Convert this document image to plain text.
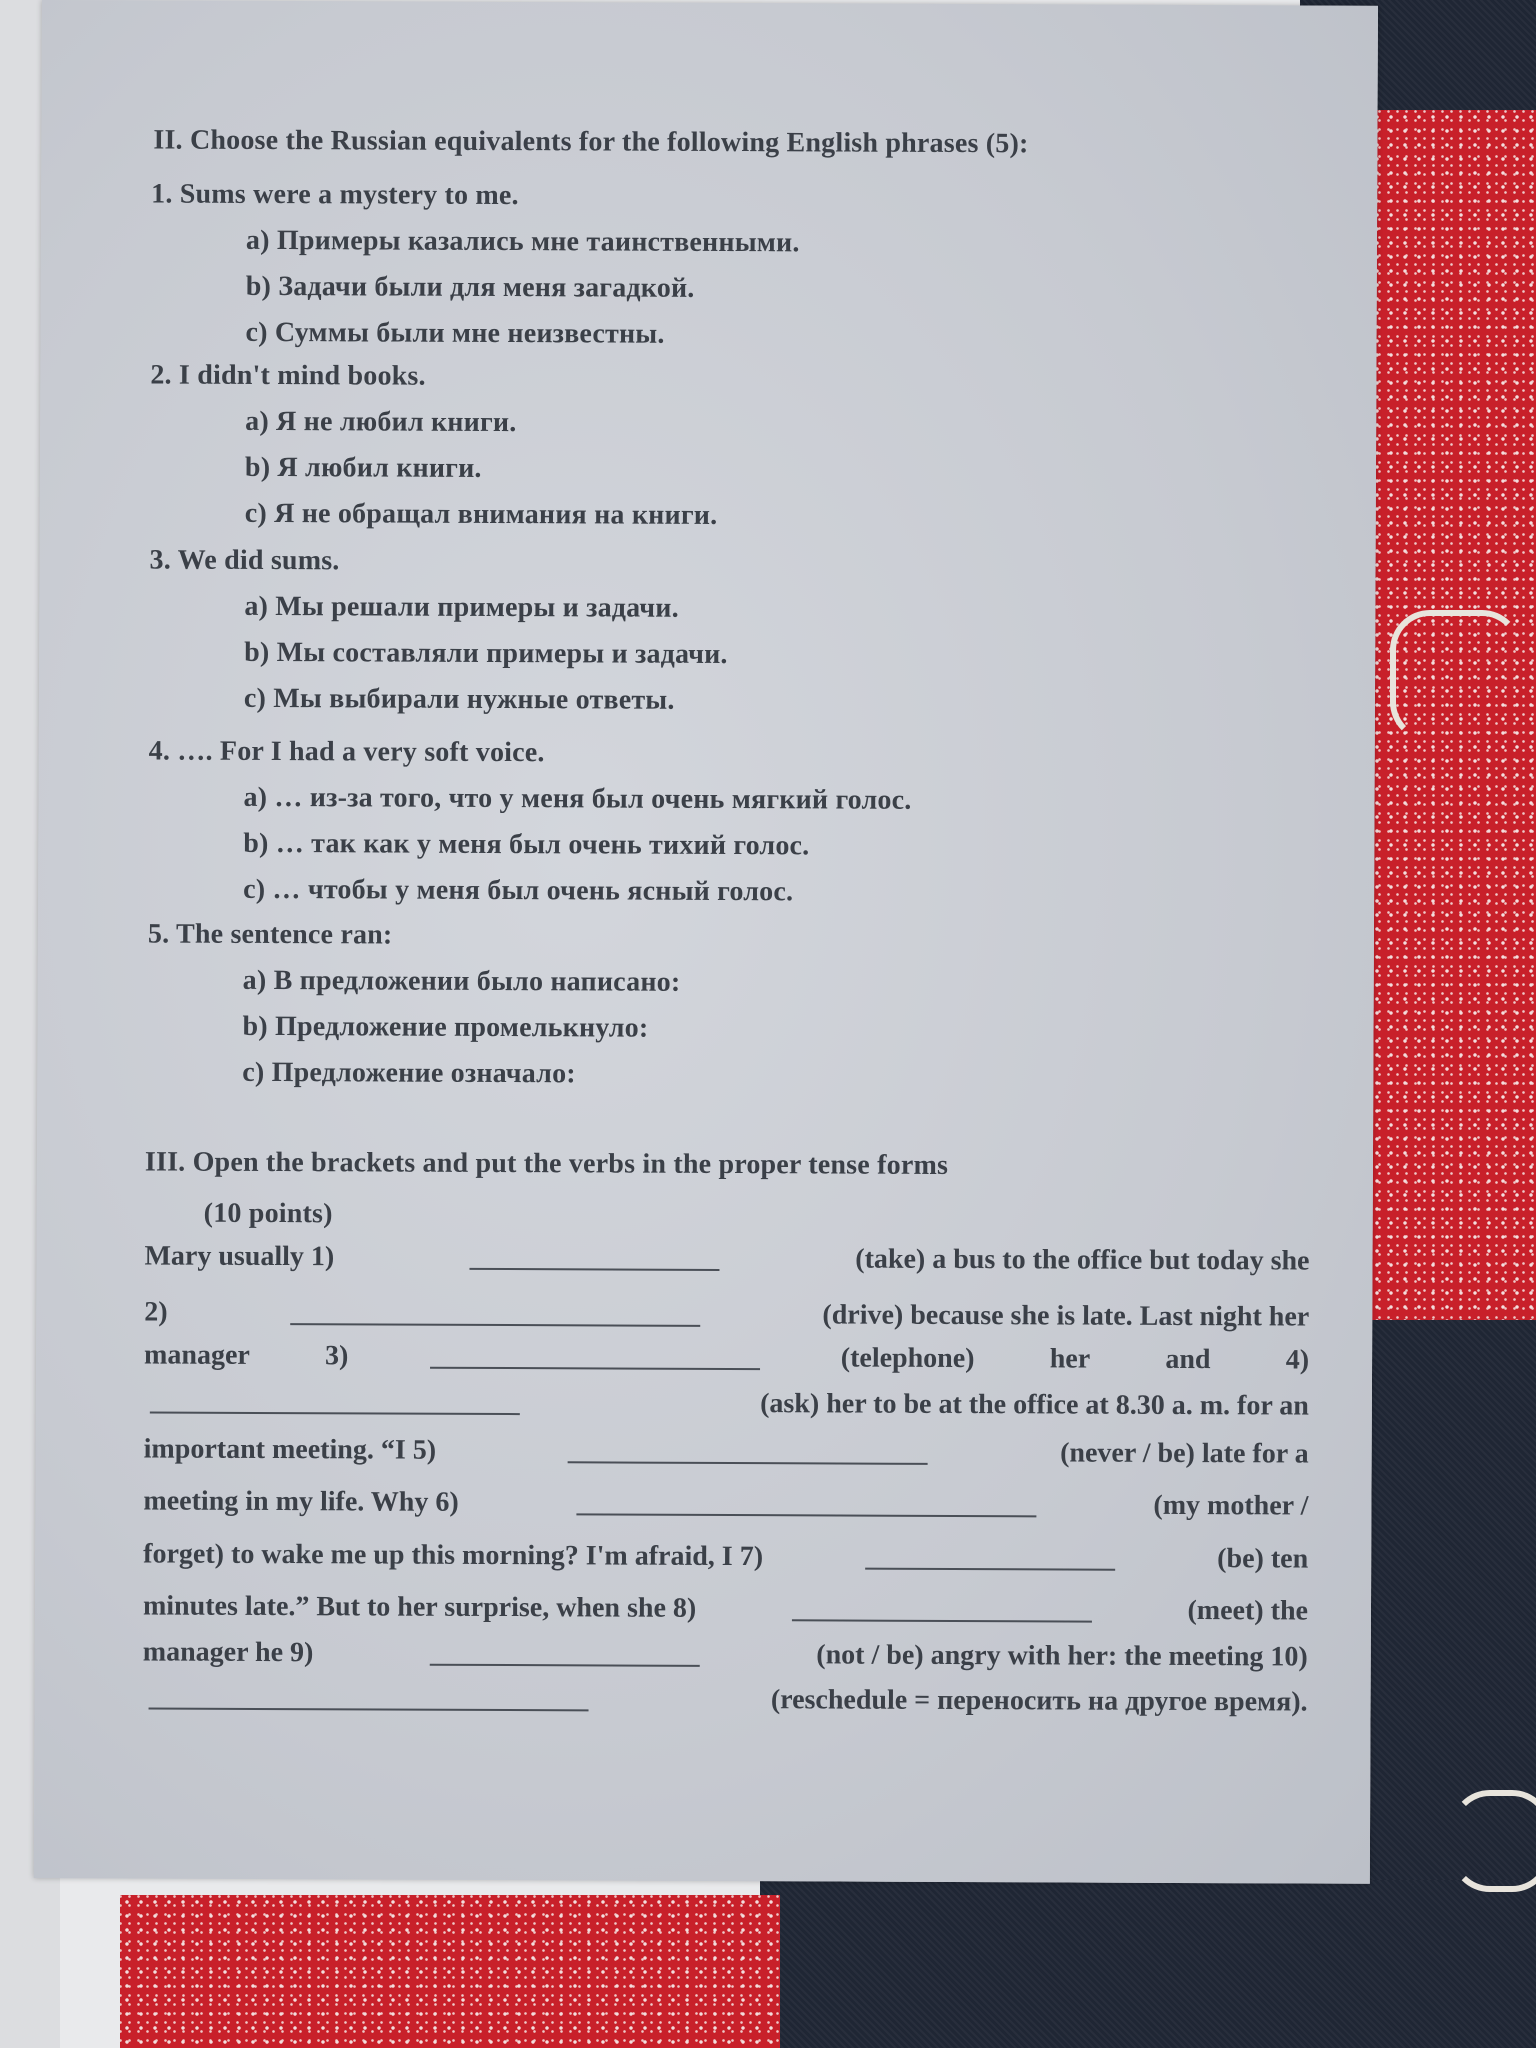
II. Choose the Russian equivalents for the following English phrases (5):
1. Sums were a mystery to me.
a) Примеры казались мне таинственными.
b) Задачи были для меня загадкой.
c) Суммы были мне неизвестны.
2. I didn't mind books.
a) Я не любил книги.
b) Я любил книги.
c) Я не обращал внимания на книги.
3. We did sums.
a) Мы решали примеры и задачи.
b) Мы составляли примеры и задачи.
c) Мы выбирали нужные ответы.
4. …. For I had a very soft voice.
a) … из-за того, что у меня был очень мягкий голос.
b) … так как у меня был очень тихий голос.
c) … чтобы у меня был очень ясный голос.
5. The sentence ran:
a) В предложении было написано:
b) Предложение промелькнуло:
c) Предложение означало:
III. Open the brackets and put the verbs in the proper tense forms
(10 points)
Mary usually 1)	(take) a bus to the office but today she
2)	(drive) because she is late. Last night her
manager	3)	(telephone)	her	and	4)
(ask) her to be at the office at 8.30 a. m. for an
important meeting. “I 5)	(never / be) late for a
meeting in my life. Why 6)	(my mother /
forget) to wake me up this morning? I'm afraid, I 7)	(be) ten
minutes late.” But to her surprise, when she 8)	(meet) the
manager he 9)	(not / be) angry with her: the meeting 10)
(reschedule = переносить на другое время).
